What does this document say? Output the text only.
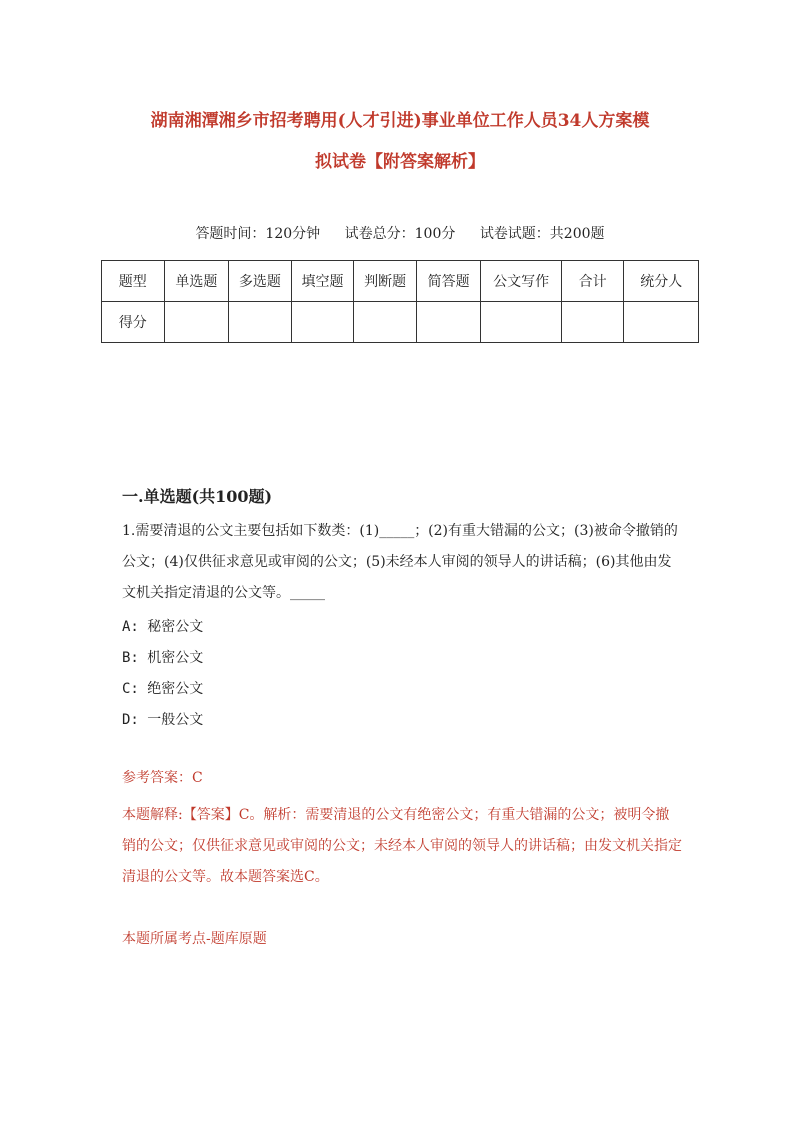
湖南湘潭湘乡市招考聘用(人才引进)事业单位工作人员34人方案模
拟试卷【附答案解析】
答题时间：120分钟 试卷总分：100分 试卷试题：共200题
题型	单选题	多选题	填空题	判断题	简答题	公文写作	合计	统分人
得分								
一.单选题(共100题)
1.需要清退的公文主要包括如下数类：(1)_____；(2)有重大错漏的公文；(3)被命令撤销的公文；(4)仅供征求意见或审阅的公文；(5)未经本人审阅的领导人的讲话稿；(6)其他由发文机关指定清退的公文等。_____
A: 秘密公文
B: 机密公文
C: 绝密公文
D: 一般公文
参考答案：C
本题解释:【答案】C。解析：需要清退的公文有绝密公文；有重大错漏的公文；被明令撤销的公文；仅供征求意见或审阅的公文；未经本人审阅的领导人的讲话稿；由发文机关指定清退的公文等。故本题答案选C。
本题所属考点-题库原题
